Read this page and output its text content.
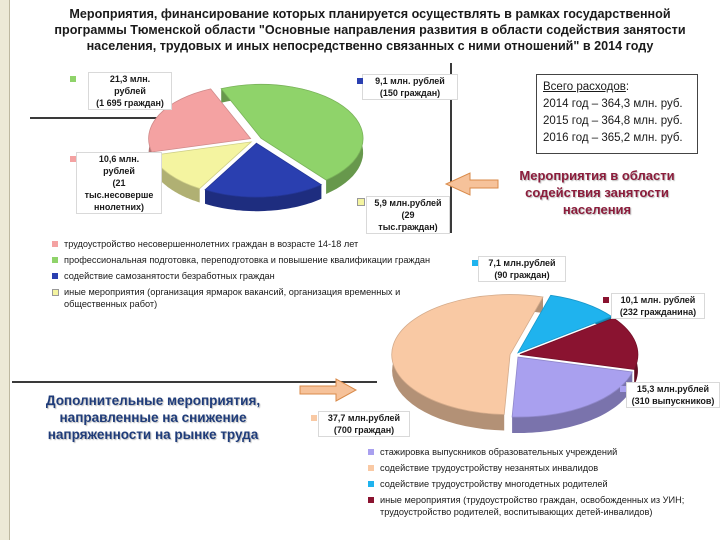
Мероприятия, финансирование которых планируется осуществлять в рамках государственной программы Тюменской области "Основные направления развития в области содействия занятости населения, трудовых и иных непосредственно связанных с ними отношений" в 2014 году
Всего расходов:
2014 год – 364,3 млн. руб.
2015 год – 364,8 млн. руб.
2016 год – 365,2 млн. руб.
21,3 млн.
рублей
(1 695 граждан)
9,1 млн. рублей
(150 граждан)
10,6 млн.
рублей
(21
тыс.несоверше
ннолетних)	5,9 млн.рублей
(29
тыс.граждан)
Мероприятия в области содействия занятости населения
трудоустройство несовершеннолетних граждан в возрасте 14-18 лет
профессиональная подготовка, переподготовка и повышение квалификации граждан
содействие самозанятости безработных граждан
иные мероприятия (организация ярмарок вакансий, организация временных и общественных работ)
7,1 млн.рублей
(90 граждан)
10,1 млн. рублей
(232 гражданина)
15,3 млн.рублей
(310 выпускников)
37,7 млн.рублей
(700 граждан)
Дополнительные мероприятия, направленные на снижение напряженности на рынке труда
стажировка выпускников образовательных учреждений
содействие трудоустройству незанятых инвалидов
содействие трудоустройству многодетных родителей
иные мероприятия (трудоустройство граждан, освобожденных из УИН; трудоустройство родителей, воспитывающих детей-инвалидов)
